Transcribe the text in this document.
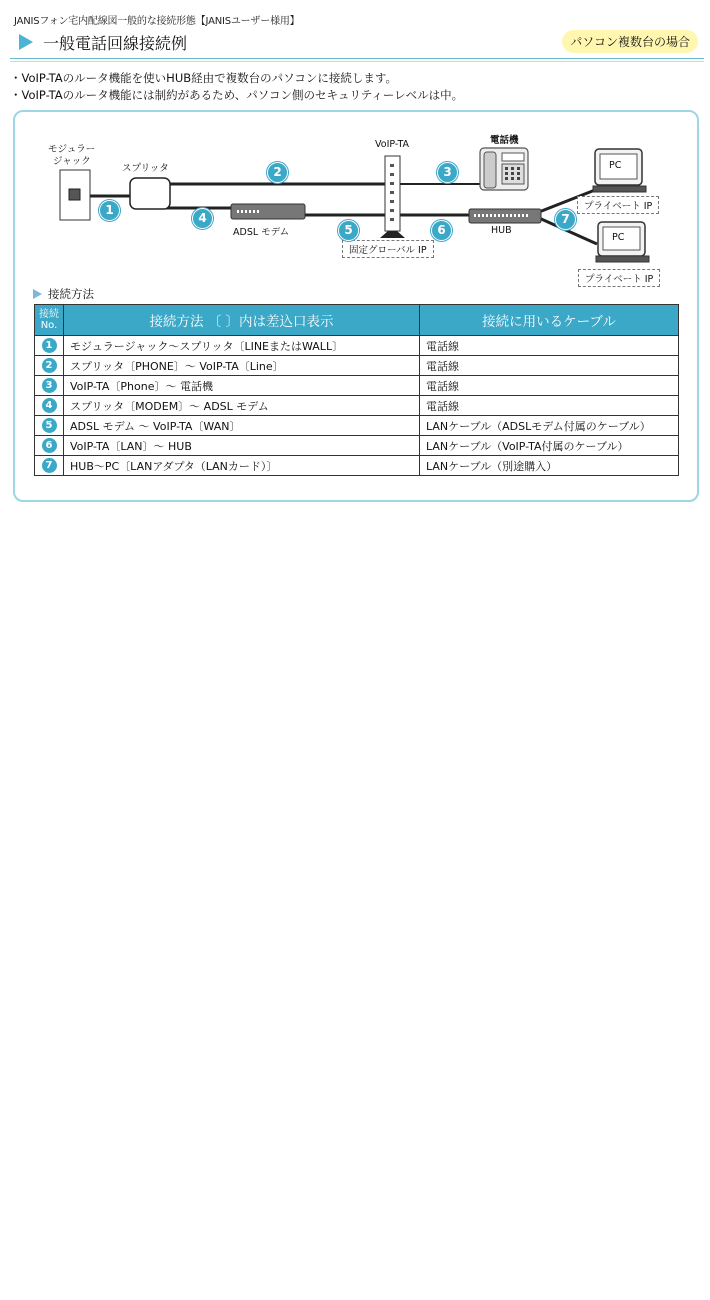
JANISフォン宅内配線図一般的な接続形態【JANISユーザー様用】
一般電話回線接続例	パソコン複数台の場合
・VoIP-TAのルータ機能を使いHUB経由で複数台のパソコンに接続します。
・VoIP-TAのルータ機能には制約があるため、パソコン側のセキュリティーレベルは中。
モジュラー
ジャック
スプリッタ
VoIP-TA	電話機
ADSL モデム	HUB
PC
PC
固定グローバル IP
プライベート IP
プライベート IP
1
2	3
4
5	6
7
接続方法
接続
No.	接続方法 〔 〕内は差込口表示	接続に用いるケーブル
1	モジュラージャック～スプリッタ〔LINEまたはWALL〕	電話線
2	スプリッタ〔PHONE〕～ VoIP-TA〔Line〕	電話線
3	VoIP-TA〔Phone〕～ 電話機	電話線
4	スプリッタ〔MODEM〕～ ADSL モデム	電話線
5	ADSL モデム ～ VoIP-TA〔WAN〕	LANケーブル（ADSLモデム付属のケーブル）
6	VoIP-TA〔LAN〕～ HUB	LANケーブル（VoIP-TA付属のケーブル）
7	HUB～PC〔LANアダプタ（LANカード）〕	LANケーブル（別途購入）
